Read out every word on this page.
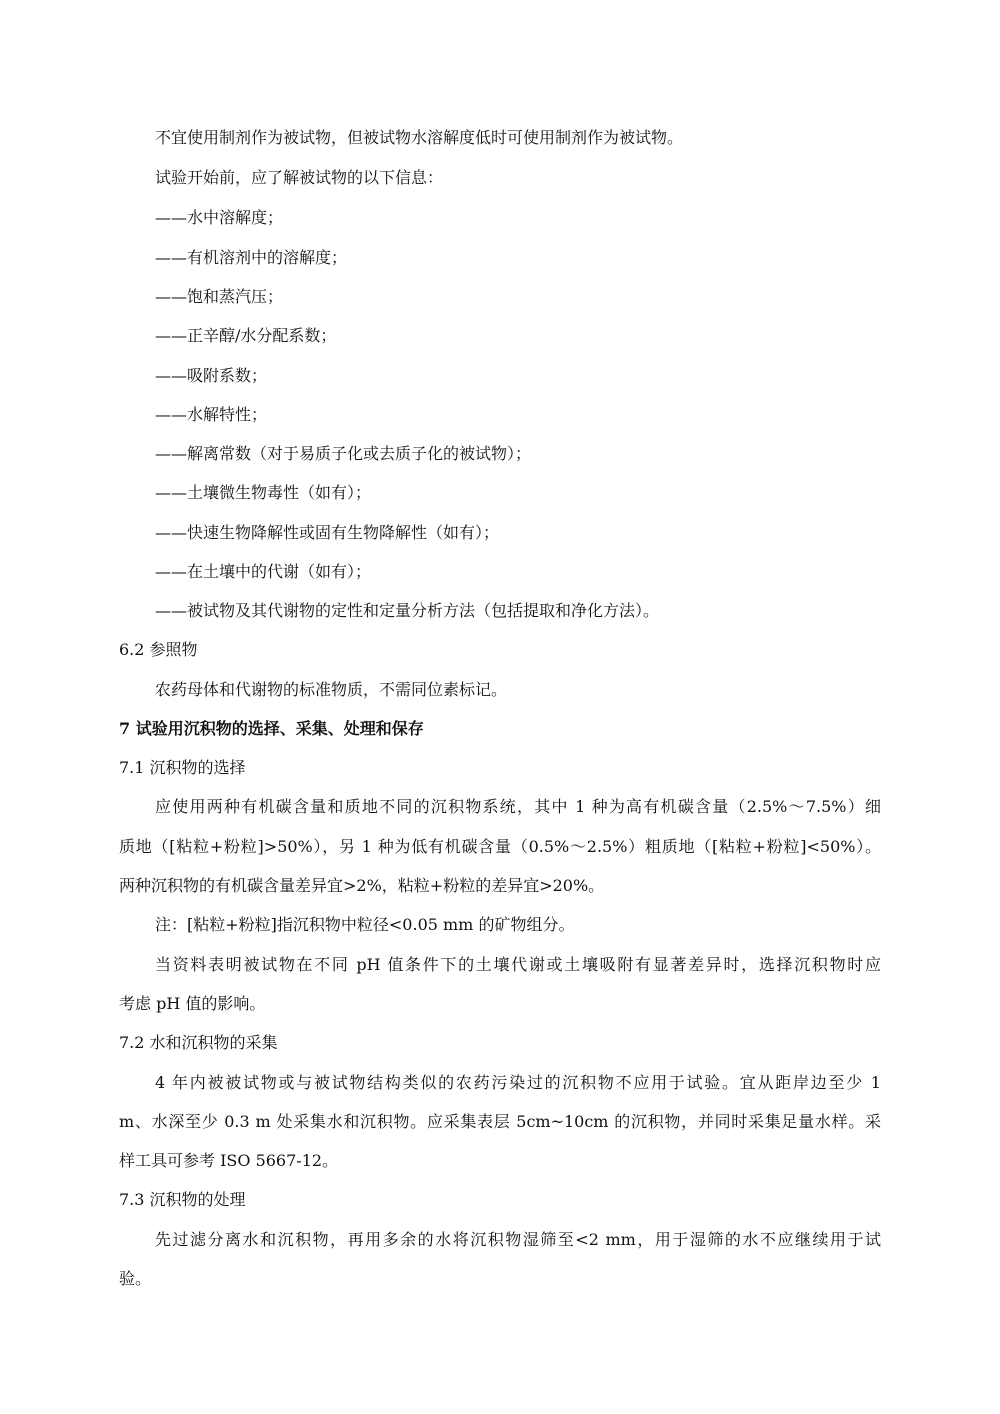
不宜使用制剂作为被试物，但被试物水溶解度低时可使用制剂作为被试物。
试验开始前，应了解被试物的以下信息：
——水中溶解度；
——有机溶剂中的溶解度；
——饱和蒸汽压；
——正辛醇/水分配系数；
——吸附系数；
——水解特性；
——解离常数（对于易质子化或去质子化的被试物）；
——土壤微生物毒性（如有）；
——快速生物降解性或固有生物降解性（如有）；
——在土壤中的代谢（如有）；
——被试物及其代谢物的定性和定量分析方法（包括提取和净化方法）。
6.2 参照物
农药母体和代谢物的标准物质，不需同位素标记。
7 试验用沉积物的选择、采集、处理和保存
7.1 沉积物的选择
应使用两种有机碳含量和质地不同的沉积物系统，其中 1 种为高有机碳含量（2.5%～7.5%）细
质地（[粘粒+粉粒]>50%），另 1 种为低有机碳含量（0.5%～2.5%）粗质地（[粘粒+粉粒]<50%）。
两种沉积物的有机碳含量差异宜>2%，粘粒+粉粒的差异宜>20%。
注：[粘粒+粉粒]指沉积物中粒径<0.05 mm 的矿物组分。
当资料表明被试物在不同 pH 值条件下的土壤代谢或土壤吸附有显著差异时，选择沉积物时应
考虑 pH 值的影响。
7.2 水和沉积物的采集
4 年内被被试物或与被试物结构类似的农药污染过的沉积物不应用于试验。宜从距岸边至少 1
m、水深至少 0.3 m 处采集水和沉积物。应采集表层 5cm~10cm 的沉积物，并同时采集足量水样。采
样工具可参考 ISO 5667-12。
7.3 沉积物的处理
先过滤分离水和沉积物，再用多余的水将沉积物湿筛至<2 mm，用于湿筛的水不应继续用于试
验。
